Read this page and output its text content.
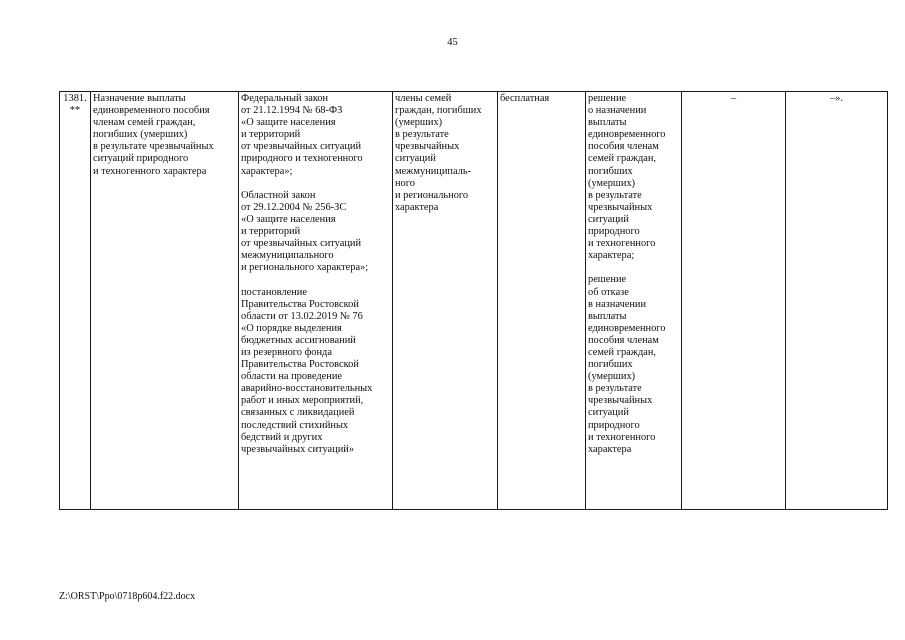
45
1381.
**	Назначение выплаты
единовременного пособия
членам семей граждан,
погибших (умерших)
в результате чрезвычайных
ситуаций природного
и техногенного характера	Федеральный закон
от 21.12.1994 № 68-ФЗ
«О защите населения
и территорий
от чрезвычайных ситуаций
природного и техногенного
характера»;

Областной закон
от 29.12.2004 № 256-ЗС
«О защите населения
и территорий
от чрезвычайных ситуаций
межмуниципального
и регионального характера»;

постановление
Правительства Ростовской
области от 13.02.2019 № 76
«О порядке выделения
бюджетных ассигнований
из резервного фонда
Правительства Ростовской
области на проведение
аварийно-восстановительных
работ и иных мероприятий,
связанных с ликвидацией
последствий стихийных
бедствий и других
чрезвычайных ситуаций»	члены семей
граждан, погибших
(умерших)
в результате
чрезвычайных
ситуаций
межмуниципаль-
ного
и регионального
характера	бесплатная	решение
о назначении
выплаты
единовременного
пособия членам
семей граждан,
погибших
(умерших)
в результате
чрезвычайных
ситуаций
природного
и техногенного
характера;

решение
об отказе
в назначении
выплаты
единовременного
пособия членам
семей граждан,
погибших
(умерших)
в результате
чрезвычайных
ситуаций
природного
и техногенного
характера	–	–».
Z:\ORST\Ppo\0718p604.f22.docx
